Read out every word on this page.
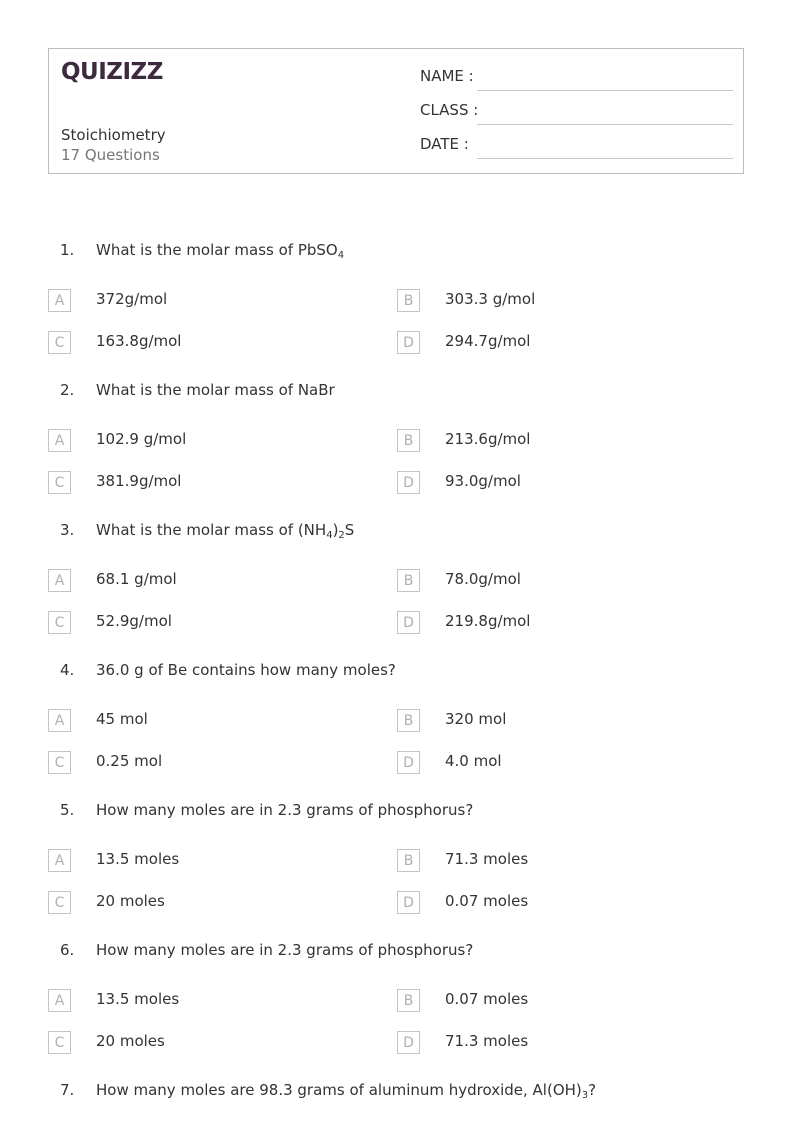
QUIZIZZ
Stoichiometry
17 Questions
NAME :
CLASS :
DATE :
1. What is the molar mass of PbSO$_4$
A	372g/mol	B	303.3 g/mol
C	163.8g/mol	D	294.7g/mol
2. What is the molar mass of NaBr
A	102.9 g/mol	B	213.6g/mol
C	381.9g/mol	D	93.0g/mol
3. What is the molar mass of $(NH_4)_2S$
A	68.1 g/mol	B	78.0g/mol
C	52.9g/mol	D	219.8g/mol
4. 36.0 g of Be contains how many moles?
A	45 mol	B	320 mol
C	0.25 mol	D	4.0 mol
5. How many moles are in 2.3 grams of phosphorus?
A	13.5 moles	B	71.3 moles
C	20 moles	D	0.07 moles
6. How many moles are in 2.3 grams of phosphorus?
A	13.5 moles	B	0.07 moles
C	20 moles	D	71.3 moles
7. How many moles are 98.3 grams of aluminum hydroxide, $Al(OH)_3$?
